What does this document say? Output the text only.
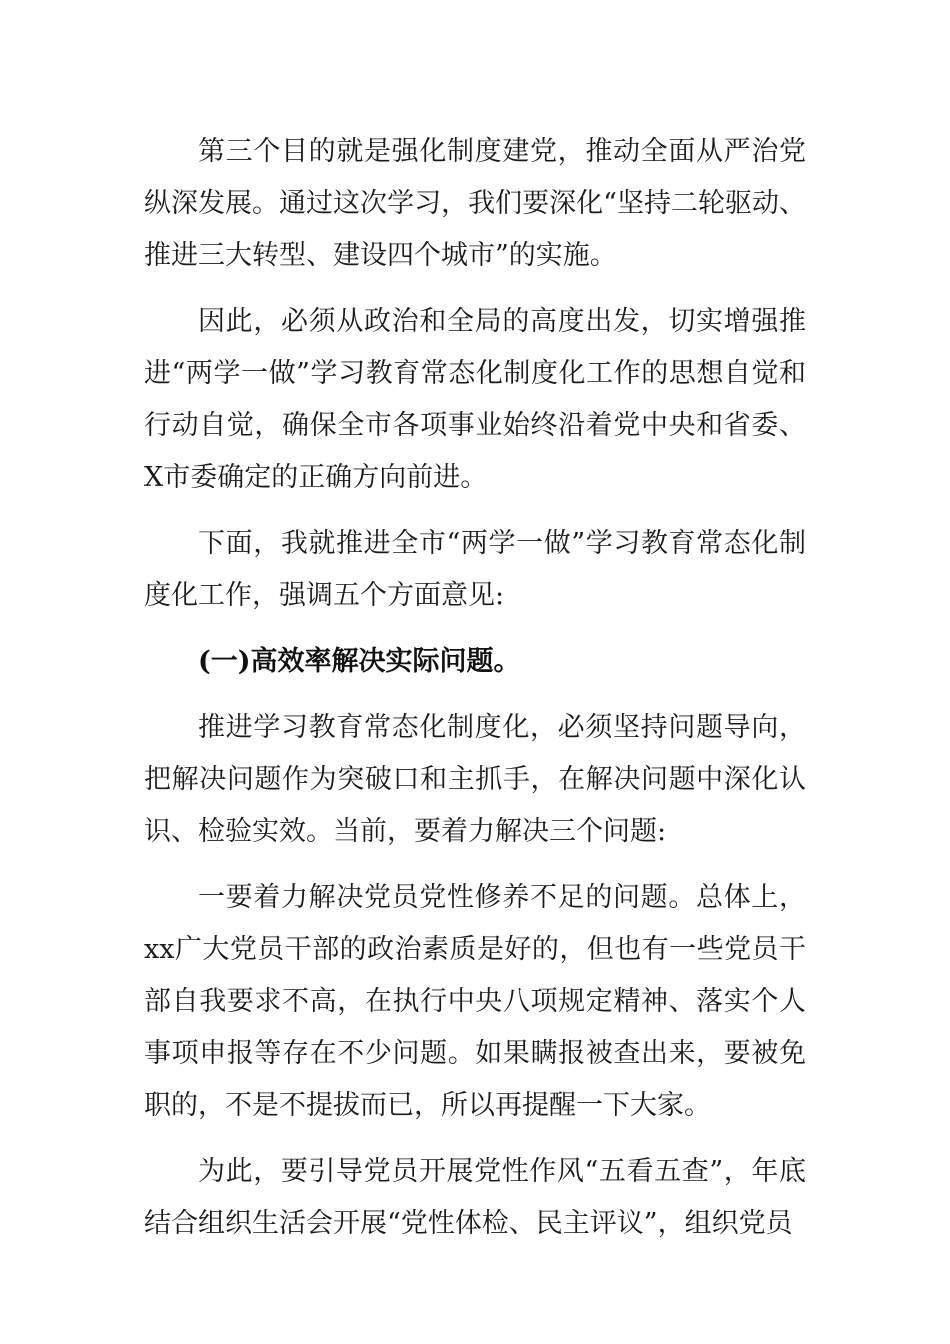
第三个目的就是强化制度建党，推动全面从严治党纵深发展。通过这次学习，我们要深化“坚持二轮驱动、推进三大转型、建设四个城市”的实施。

因此，必须从政治和全局的高度出发，切实增强推进“两学一做”学习教育常态化制度化工作的思想自觉和行动自觉，确保全市各项事业始终沿着党中央和省委、X市委确定的正确方向前进。

下面，我就推进全市“两学一做”学习教育常态化制度化工作，强调五个方面意见:

(一)高效率解决实际问题。

推进学习教育常态化制度化，必须坚持问题导向，把解决问题作为突破口和主抓手，在解决问题中深化认识、检验实效。当前，要着力解决三个问题:

一要着力解决党员党性修养不足的问题。总体上，xx广大党员干部的政治素质是好的，但也有一些党员干部自我要求不高，在执行中央八项规定精神、落实个人事项申报等存在不少问题。如果瞒报被查出来，要被免职的，不是不提拔而已，所以再提醒一下大家。

为此，要引导党员开展党性作风“五看五查”，年底结合组织生活会开展“党性体检、民主评议”，组织党员
